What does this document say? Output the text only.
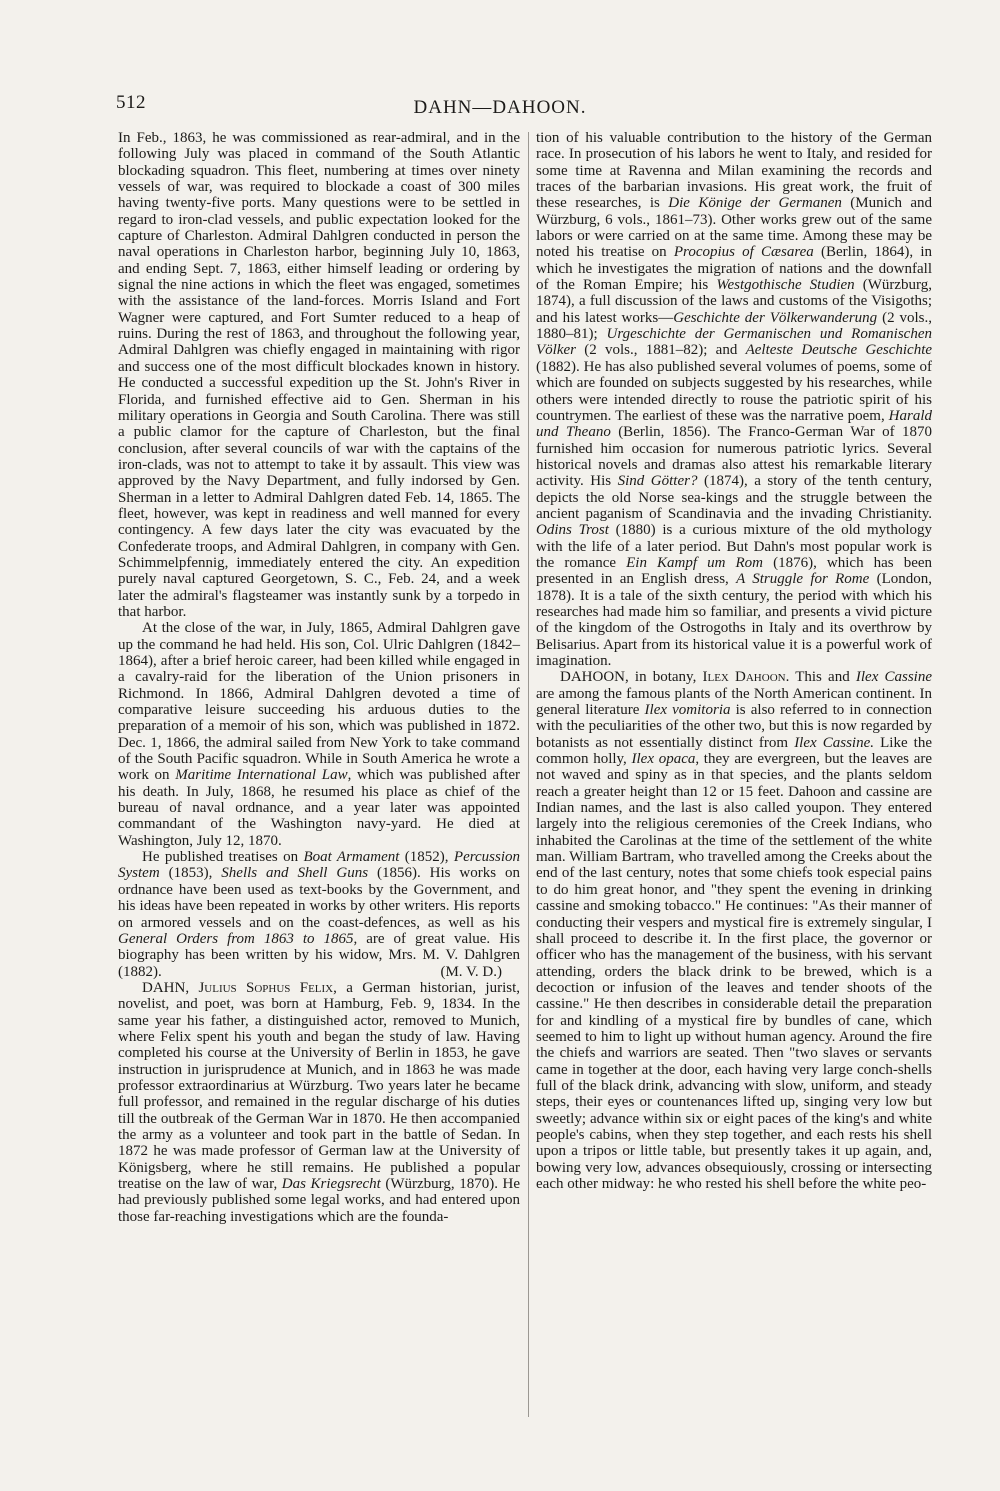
512	DAHN—DAHOON.

In Feb., 1863, he was commissioned as rear-admiral, and in the following July was placed in command of the South Atlantic blockading squadron. This fleet, numbering at times over ninety vessels of war, was required to blockade a coast of 300 miles having twenty-five ports. Many questions were to be settled in regard to iron-clad vessels, and public expectation looked for the capture of Charleston. Admiral Dahlgren conducted in person the naval operations in Charleston harbor, beginning July 10, 1863, and ending Sept. 7, 1863, either himself leading or ordering by signal the nine actions in which the fleet was engaged, sometimes with the assistance of the land-forces. Morris Island and Fort Wagner were captured, and Fort Sumter reduced to a heap of ruins. During the rest of 1863, and throughout the following year, Admiral Dahlgren was chiefly engaged in maintaining with rigor and success one of the most difficult blockades known in history. He conducted a successful expedition up the St. John's River in Florida, and furnished effective aid to Gen. Sherman in his military operations in Georgia and South Carolina. There was still a public clamor for the capture of Charleston, but the final conclusion, after several councils of war with the captains of the iron-clads, was not to attempt to take it by assault. This view was approved by the Navy Department, and fully indorsed by Gen. Sherman in a letter to Admiral Dahlgren dated Feb. 14, 1865. The fleet, however, was kept in readiness and well manned for every contingency. A few days later the city was evacuated by the Confederate troops, and Admiral Dahlgren, in company with Gen. Schimmelpfennig, immediately entered the city. An expedition purely naval captured Georgetown, S. C., Feb. 24, and a week later the admiral's flagsteamer was instantly sunk by a torpedo in that harbor.

At the close of the war, in July, 1865, Admiral Dahlgren gave up the command he had held. His son, Col. Ulric Dahlgren (1842–1864), after a brief heroic career, had been killed while engaged in a cavalry-raid for the liberation of the Union prisoners in Richmond. In 1866, Admiral Dahlgren devoted a time of comparative leisure succeeding his arduous duties to the preparation of a memoir of his son, which was published in 1872. Dec. 1, 1866, the admiral sailed from New York to take command of the South Pacific squadron. While in South America he wrote a work on Maritime International Law, which was published after his death. In July, 1868, he resumed his place as chief of the bureau of naval ordnance, and a year later was appointed commandant of the Washington navy-yard. He died at Washington, July 12, 1870.

He published treatises on Boat Armament (1852), Percussion System (1853), Shells and Shell Guns (1856). His works on ordnance have been used as text-books by the Government, and his ideas have been repeated in works by other writers. His reports on armored vessels and on the coast-defences, as well as his General Orders from 1863 to 1865, are of great value. His biography has been written by his widow, Mrs. M. V. Dahlgren (1882).	(M. V. D.)

DAHN, Julius Sophus Felix, a German historian, jurist, novelist, and poet, was born at Hamburg, Feb. 9, 1834. In the same year his father, a distinguished actor, removed to Munich, where Felix spent his youth and began the study of law. Having completed his course at the University of Berlin in 1853, he gave instruction in jurisprudence at Munich, and in 1863 he was made professor extraordinarius at Würzburg. Two years later he became full professor, and remained in the regular discharge of his duties till the outbreak of the German War in 1870. He then accompanied the army as a volunteer and took part in the battle of Sedan. In 1872 he was made professor of German law at the University of Königsberg, where he still remains. He published a popular treatise on the law of war, Das Kriegsrecht (Würzburg, 1870). He had previously published some legal works, and had entered upon those far-reaching investigations which are the founda-

tion of his valuable contribution to the history of the German race. In prosecution of his labors he went to Italy, and resided for some time at Ravenna and Milan examining the records and traces of the barbarian invasions. His great work, the fruit of these researches, is Die Könige der Germanen (Munich and Würzburg, 6 vols., 1861–73). Other works grew out of the same labors or were carried on at the same time. Among these may be noted his treatise on Procopius of Cæsarea (Berlin, 1864), in which he investigates the migration of nations and the downfall of the Roman Empire; his Westgothische Studien (Würzburg, 1874), a full discussion of the laws and customs of the Visigoths; and his latest works—Geschichte der Völkerwanderung (2 vols., 1880–81); Urgeschichte der Germanischen und Romanischen Völker (2 vols., 1881–82); and Aelteste Deutsche Geschichte (1882). He has also published several volumes of poems, some of which are founded on subjects suggested by his researches, while others were intended directly to rouse the patriotic spirit of his countrymen. The earliest of these was the narrative poem, Harald und Theano (Berlin, 1856). The Franco-German War of 1870 furnished him occasion for numerous patriotic lyrics. Several historical novels and dramas also attest his remarkable literary activity. His Sind Götter? (1874), a story of the tenth century, depicts the old Norse sea-kings and the struggle between the ancient paganism of Scandinavia and the invading Christianity. Odins Trost (1880) is a curious mixture of the old mythology with the life of a later period. But Dahn's most popular work is the romance Ein Kampf um Rom (1876), which has been presented in an English dress, A Struggle for Rome (London, 1878). It is a tale of the sixth century, the period with which his researches had made him so familiar, and presents a vivid picture of the kingdom of the Ostrogoths in Italy and its overthrow by Belisarius. Apart from its historical value it is a powerful work of imagination.

DAHOON, in botany, Ilex Dahoon. This and Ilex Cassine are among the famous plants of the North American continent. In general literature Ilex vomitoria is also referred to in connection with the peculiarities of the other two, but this is now regarded by botanists as not essentially distinct from Ilex Cassine. Like the common holly, Ilex opaca, they are evergreen, but the leaves are not waved and spiny as in that species, and the plants seldom reach a greater height than 12 or 15 feet. Dahoon and cassine are Indian names, and the last is also called youpon. They entered largely into the religious ceremonies of the Creek Indians, who inhabited the Carolinas at the time of the settlement of the white man. William Bartram, who travelled among the Creeks about the end of the last century, notes that some chiefs took especial pains to do him great honor, and "they spent the evening in drinking cassine and smoking tobacco." He continues: "As their manner of conducting their vespers and mystical fire is extremely singular, I shall proceed to describe it. In the first place, the governor or officer who has the management of the business, with his servant attending, orders the black drink to be brewed, which is a decoction or infusion of the leaves and tender shoots of the cassine." He then describes in considerable detail the preparation for and kindling of a mystical fire by bundles of cane, which seemed to him to light up without human agency. Around the fire the chiefs and warriors are seated. Then "two slaves or servants came in together at the door, each having very large conch-shells full of the black drink, advancing with slow, uniform, and steady steps, their eyes or countenances lifted up, singing very low but sweetly; advance within six or eight paces of the king's and white people's cabins, when they step together, and each rests his shell upon a tripos or little table, but presently takes it up again, and, bowing very low, advances obsequiously, crossing or intersecting each other midway: he who rested his shell before the white peo-
